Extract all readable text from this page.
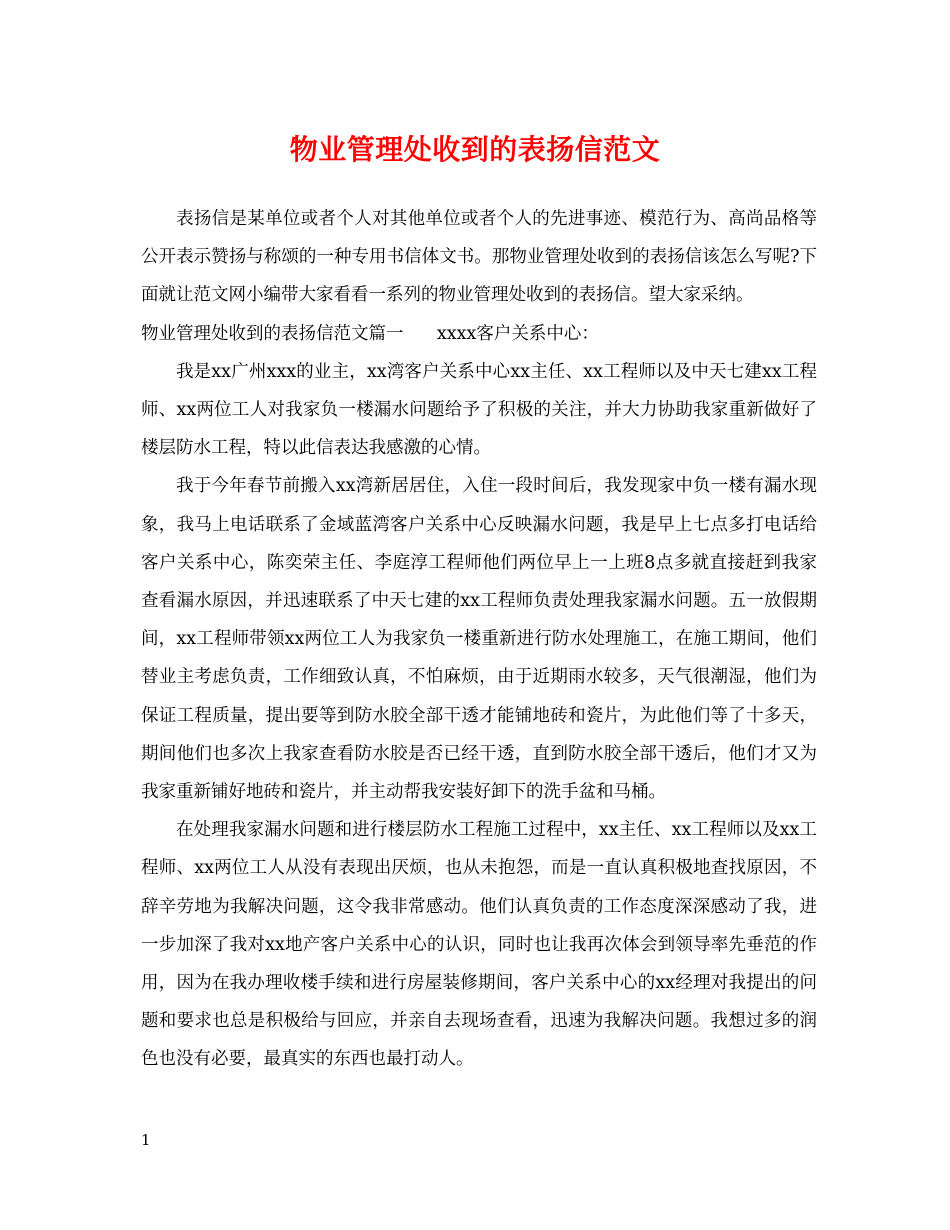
物业管理处收到的表扬信范文

表扬信是某单位或者个人对其他单位或者个人的先进事迹、模范行为、高尚品格等公开表示赞扬与称颂的一种专用书信体文书。那物业管理处收到的表扬信该怎么写呢?下面就让范文网小编带大家看看一系列的物业管理处收到的表扬信。望大家采纳。

物业管理处收到的表扬信范文篇一      xxxx客户关系中心：

我是xx广州xxx的业主，xx湾客户关系中心xx主任、xx工程师以及中天七建xx工程师、xx两位工人对我家负一楼漏水问题给予了积极的关注，并大力协助我家重新做好了楼层防水工程，特以此信表达我感激的心情。

我于今年春节前搬入xx湾新居居住，入住一段时间后，我发现家中负一楼有漏水现象，我马上电话联系了金域蓝湾客户关系中心反映漏水问题，我是早上七点多打电话给客户关系中心，陈奕荣主任、李庭淳工程师他们两位早上一上班8点多就直接赶到我家查看漏水原因，并迅速联系了中天七建的xx工程师负责处理我家漏水问题。五一放假期间，xx工程师带领xx两位工人为我家负一楼重新进行防水处理施工，在施工期间，他们替业主考虑负责，工作细致认真，不怕麻烦，由于近期雨水较多，天气很潮湿，他们为保证工程质量，提出要等到防水胶全部干透才能铺地砖和瓷片，为此他们等了十多天，期间他们也多次上我家查看防水胶是否已经干透，直到防水胶全部干透后，他们才又为我家重新铺好地砖和瓷片，并主动帮我安装好卸下的洗手盆和马桶。

在处理我家漏水问题和进行楼层防水工程施工过程中，xx主任、xx工程师以及xx工程师、xx两位工人从没有表现出厌烦，也从未抱怨，而是一直认真积极地查找原因，不辞辛劳地为我解决问题，这令我非常感动。他们认真负责的工作态度深深感动了我，进一步加深了我对xx地产客户关系中心的认识，同时也让我再次体会到领导率先垂范的作用，因为在我办理收楼手续和进行房屋装修期间，客户关系中心的xx经理对我提出的问题和要求也总是积极给与回应，并亲自去现场查看，迅速为我解决问题。我想过多的润色也没有必要，最真实的东西也最打动人。

1
